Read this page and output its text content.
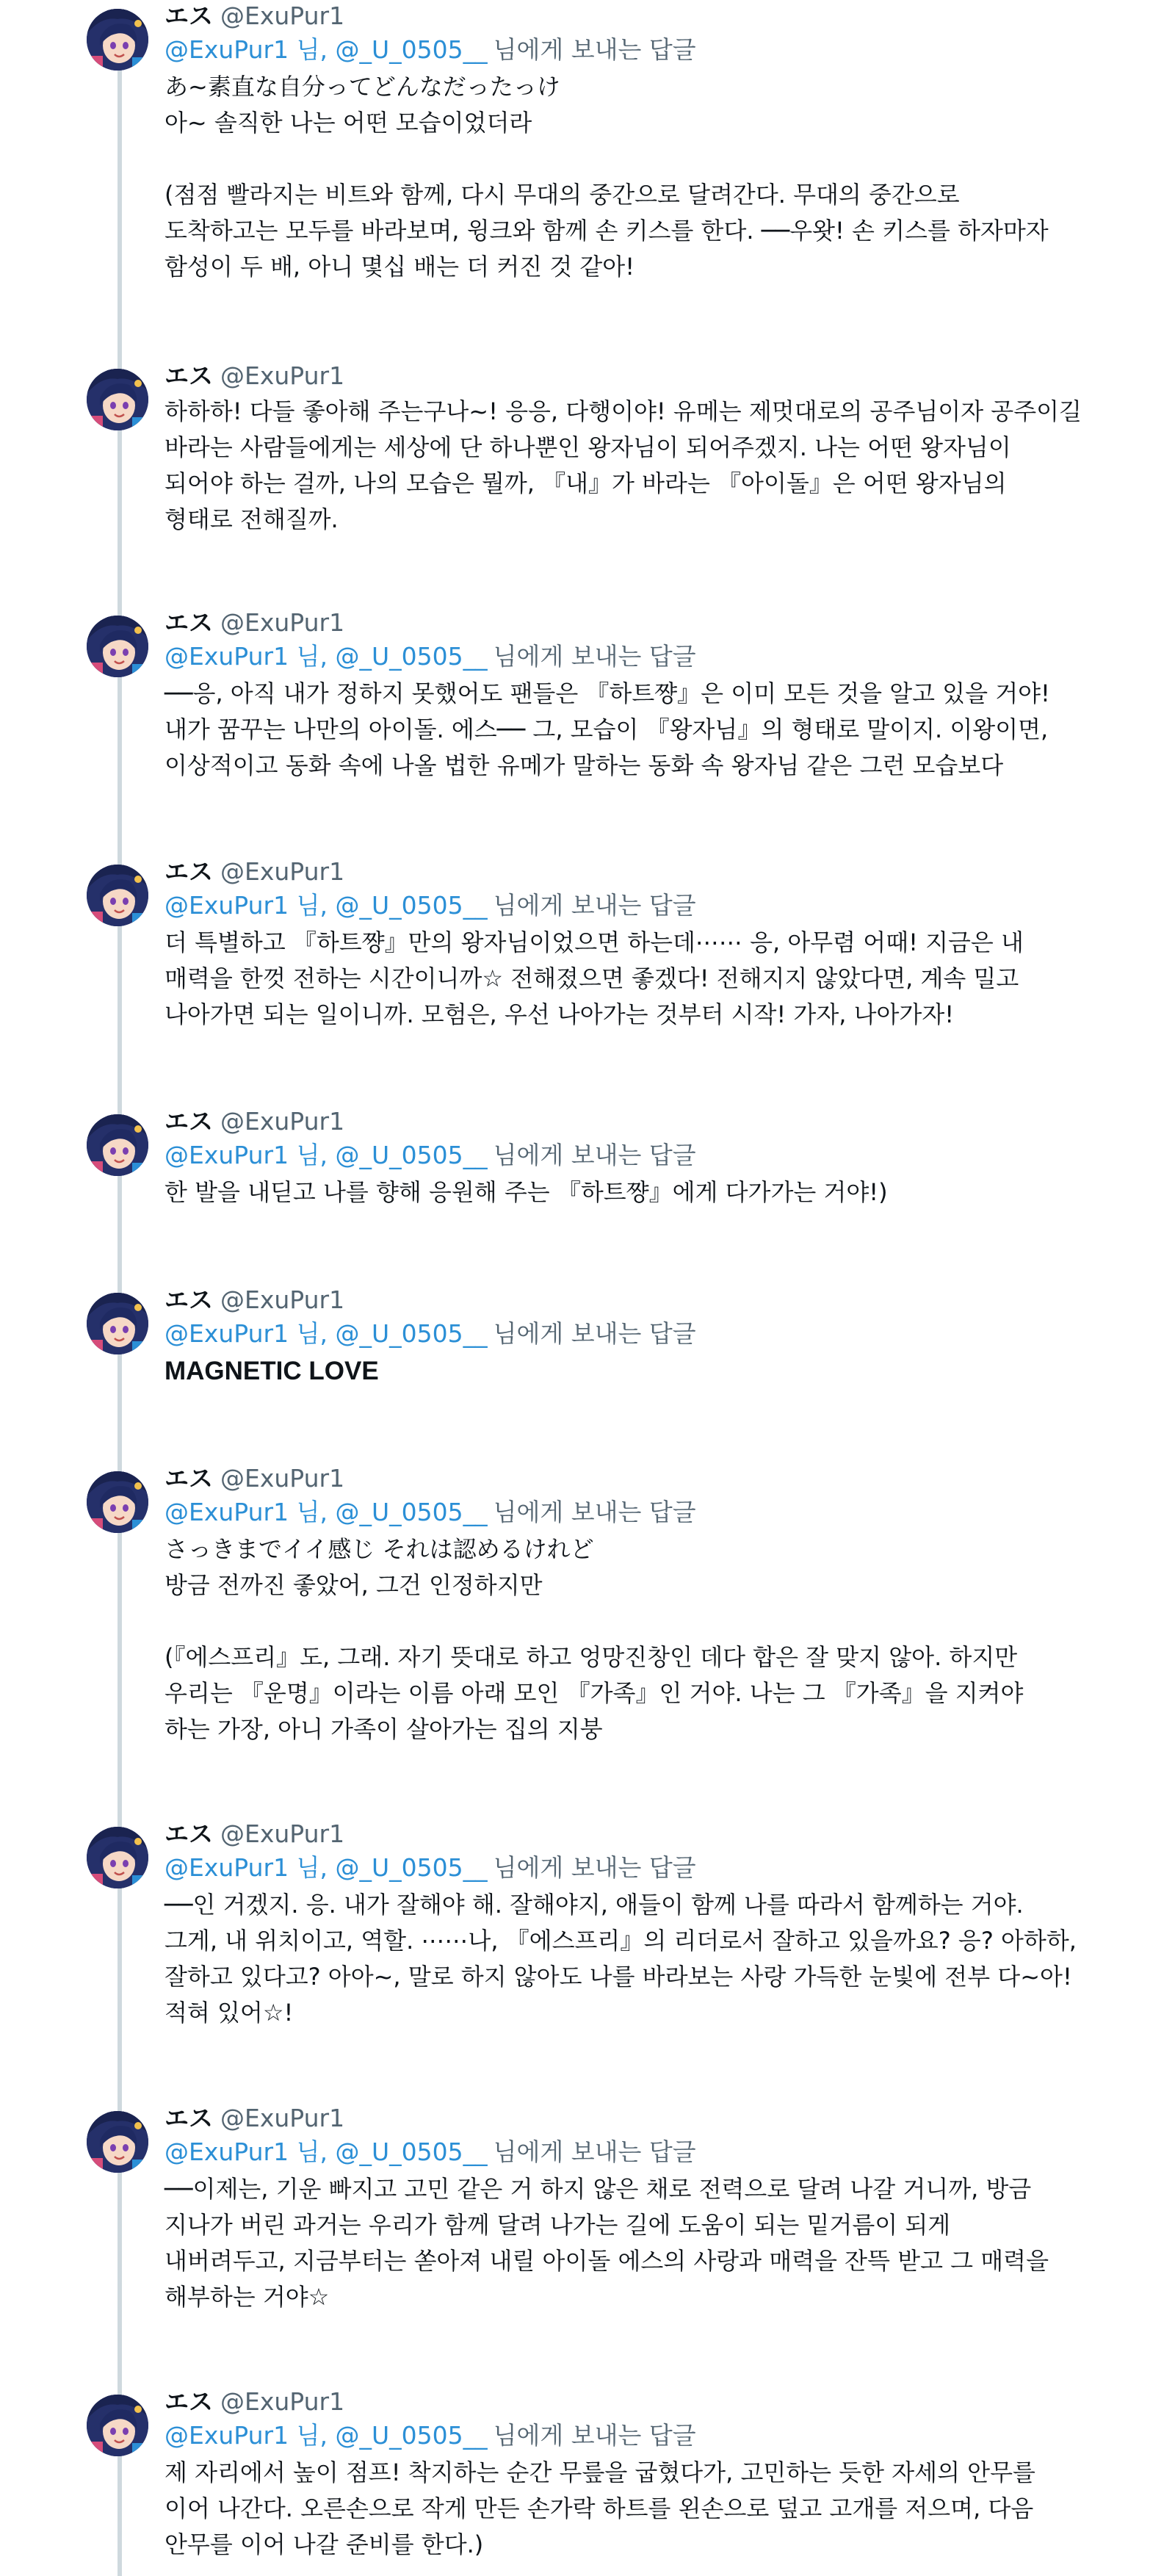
エス @ExuPur1
@ExuPur1 님, @_U_0505__ 님에게 보내는 답글
あ~素直な自分ってどんなだったっけ
아~ 솔직한 나는 어떤 모습이었더라

(점점 빨라지는 비트와 함께, 다시 무대의 중간으로 달려간다. 무대의 중간으로
도착하고는 모두를 바라보며, 윙크와 함께 손 키스를 한다. ──우왓! 손 키스를 하자마자
함성이 두 배, 아니 몇십 배는 더 커진 것 같아!
エス @ExuPur1
하하하! 다들 좋아해 주는구나~! 응응, 다행이야! 유메는 제멋대로의 공주님이자 공주이길
바라는 사람들에게는 세상에 단 하나뿐인 왕자님이 되어주겠지. 나는 어떤 왕자님이
되어야 하는 걸까, 나의 모습은 뭘까, 『내』가 바라는 『아이돌』은 어떤 왕자님의
형태로 전해질까.
エス @ExuPur1
@ExuPur1 님, @_U_0505__ 님에게 보내는 답글
──응, 아직 내가 정하지 못했어도 팬들은 『하트쨩』은 이미 모든 것을 알고 있을 거야!
내가 꿈꾸는 나만의 아이돌. 에스── 그, 모습이 『왕자님』의 형태로 말이지. 이왕이면,
이상적이고 동화 속에 나올 법한 유메가 말하는 동화 속 왕자님 같은 그런 모습보다
エス @ExuPur1
@ExuPur1 님, @_U_0505__ 님에게 보내는 답글
더 특별하고 『하트쨩』만의 왕자님이었으면 하는데⋯⋯ 응, 아무렴 어때! 지금은 내
매력을 한껏 전하는 시간이니까☆ 전해졌으면 좋겠다! 전해지지 않았다면, 계속 밀고
나아가면 되는 일이니까. 모험은, 우선 나아가는 것부터 시작! 가자, 나아가자!
エス @ExuPur1
@ExuPur1 님, @_U_0505__ 님에게 보내는 답글
한 발을 내딛고 나를 향해 응원해 주는 『하트쨩』에게 다가가는 거야!)
エス @ExuPur1
@ExuPur1 님, @_U_0505__ 님에게 보내는 답글
MAGNETIC LOVE
エス @ExuPur1
@ExuPur1 님, @_U_0505__ 님에게 보내는 답글
さっきまでイイ感じ それは認めるけれど
방금 전까진 좋았어, 그건 인정하지만

(『에스프리』도, 그래. 자기 뜻대로 하고 엉망진창인 데다 합은 잘 맞지 않아. 하지만
우리는 『운명』이라는 이름 아래 모인 『가족』인 거야. 나는 그 『가족』을 지켜야
하는 가장, 아니 가족이 살아가는 집의 지붕
エス @ExuPur1
@ExuPur1 님, @_U_0505__ 님에게 보내는 답글
──인 거겠지. 응. 내가 잘해야 해. 잘해야지, 애들이 함께 나를 따라서 함께하는 거야.
그게, 내 위치이고, 역할. ⋯⋯나, 『에스프리』의 리더로서 잘하고 있을까요? 응? 아하하,
잘하고 있다고? 아아~, 말로 하지 않아도 나를 바라보는 사랑 가득한 눈빛에 전부 다~아!
적혀 있어☆!
エス @ExuPur1
@ExuPur1 님, @_U_0505__ 님에게 보내는 답글
──이제는, 기운 빠지고 고민 같은 거 하지 않은 채로 전력으로 달려 나갈 거니까, 방금
지나가 버린 과거는 우리가 함께 달려 나가는 길에 도움이 되는 밑거름이 되게
내버려두고, 지금부터는 쏟아져 내릴 아이돌 에스의 사랑과 매력을 잔뜩 받고 그 매력을
해부하는 거야☆
エス @ExuPur1
@ExuPur1 님, @_U_0505__ 님에게 보내는 답글
제 자리에서 높이 점프! 착지하는 순간 무릎을 굽혔다가, 고민하는 듯한 자세의 안무를
이어 나간다. 오른손으로 작게 만든 손가락 하트를 왼손으로 덮고 고개를 저으며, 다음
안무를 이어 나갈 준비를 한다.)
